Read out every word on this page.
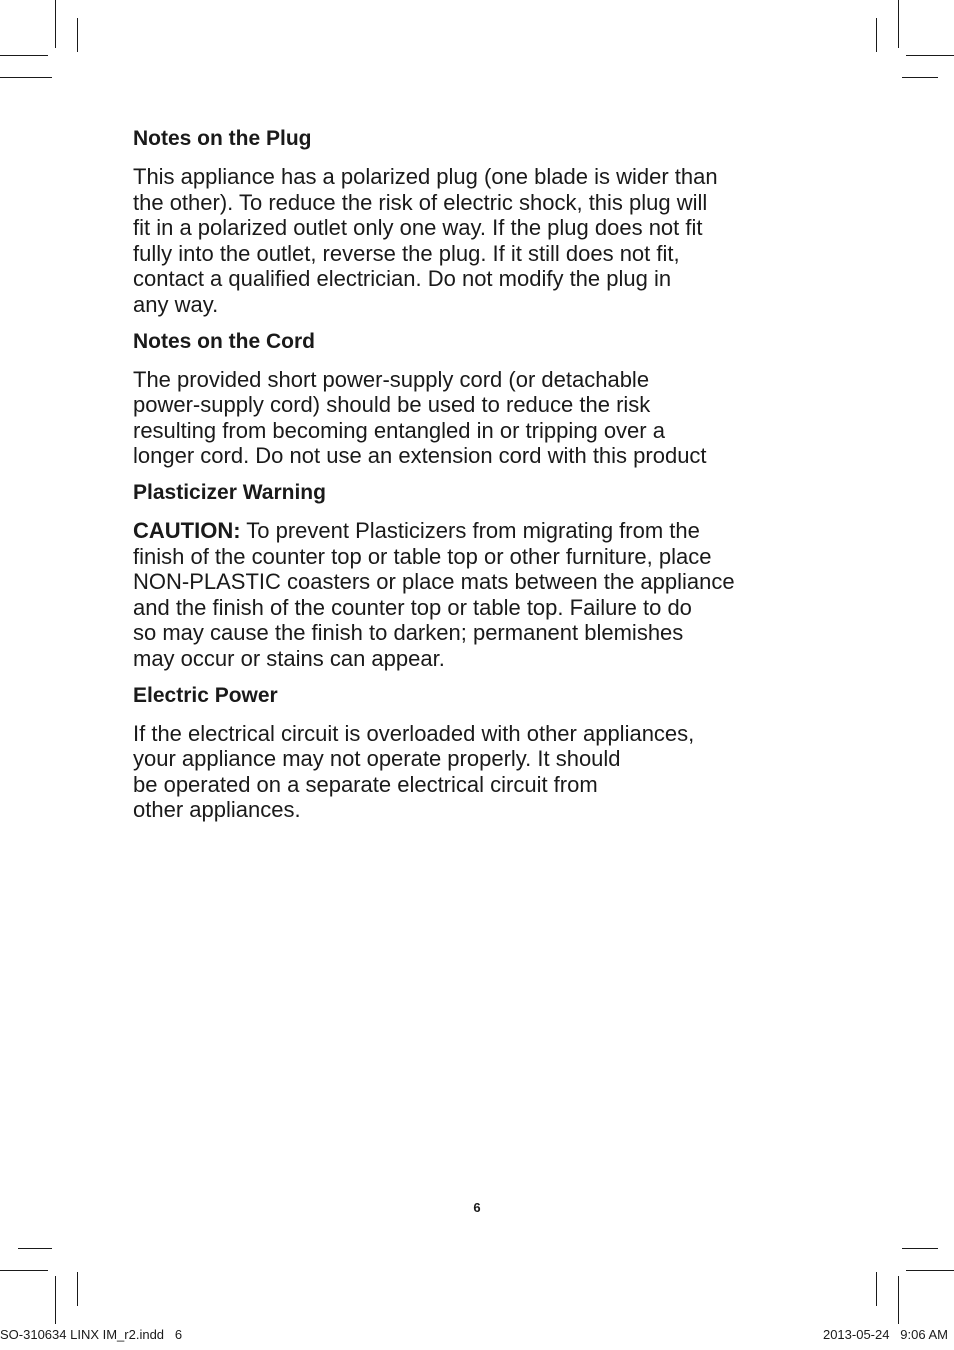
Notes on the Plug

This appliance has a polarized plug (one blade is wider than
the other). To reduce the risk of electric shock, this plug will
fit in a polarized outlet only one way. If the plug does not fit
fully into the outlet, reverse the plug. If it still does not fit,
contact a qualified electrician. Do not modify the plug in
any way.

Notes on the Cord

The provided short power-supply cord (or detachable
power-supply cord) should be used to reduce the risk
resulting from becoming entangled in or tripping over a
longer cord. Do not use an extension cord with this product

Plasticizer Warning

CAUTION: To prevent Plasticizers from migrating from the
finish of the counter top or table top or other furniture, place
NON-PLASTIC coasters or place mats between the appliance
and the finish of the counter top or table top. Failure to do
so may cause the finish to darken; permanent blemishes
may occur or stains can appear.

Electric Power

If the electrical circuit is overloaded with other appliances,
your appliance may not operate properly. It should
be operated on a separate electrical circuit from
other appliances.

6
SO-310634 LINX IM_r2.indd   6	2013-05-24   9:06 AM
